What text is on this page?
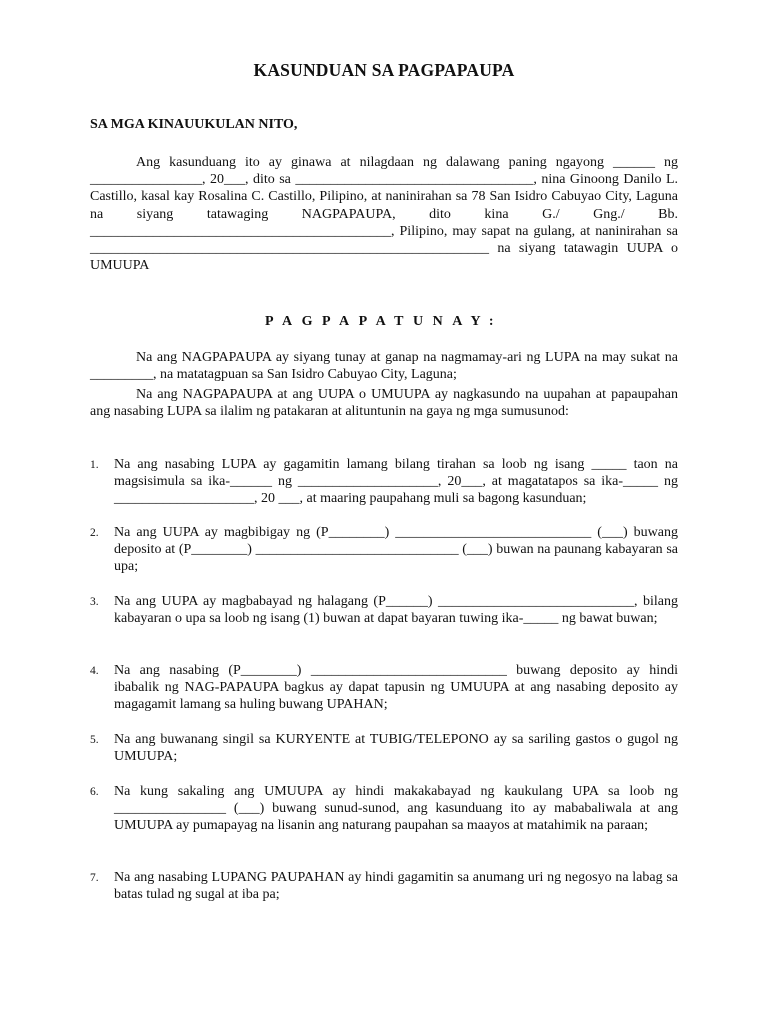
KASUNDUAN SA PAGPAPAUPA
SA MGA KINAUUKULAN NITO,
Ang kasunduang ito ay ginawa at nilagdaan ng dalawang paning ngayong ______ ng ________________, 20___, dito sa __________________________________, nina Ginoong Danilo L. Castillo, kasal kay Rosalina C. Castillo, Pilipino, at naninirahan sa 78 San Isidro Cabuyao City, Laguna na siyang tatawaging NAGPAPAUPA, dito kina G./ Gng./ Bb. ___________________________________________, Pilipino, may sapat na gulang, at naninirahan sa _________________________________________________________ na siyang tatawagin UUPA o UMUUPA
PAGPAPATUNAY:
Na ang NAGPAPAUPA ay siyang tunay at ganap na nagmamay-ari ng LUPA na may sukat na _________, na matatagpuan sa San Isidro Cabuyao City, Laguna;
Na ang NAGPAPAUPA at ang UUPA o UMUUPA ay nagkasundo na uupahan at papaupahan ang nasabing LUPA sa ilalim ng patakaran at alituntunin na gaya ng mga sumusunod:
1. Na ang nasabing LUPA ay gagamitin lamang bilang tirahan sa loob ng isang _____ taon na magsisimula sa ika-______ ng ____________________, 20___, at magatatapos sa ika-_____ ng ____________________, 20 ___, at maaring paupahang muli sa bagong kasunduan;
2. Na ang UUPA ay magbibigay ng (P________) ____________________________ (___) buwang deposito at (P________) _____________________________ (___) buwan na paunang kabayaran sa upa;
3. Na ang UUPA ay magbabayad ng halagang (P______) ____________________________, bilang kabayaran o upa sa loob ng isang (1) buwan at dapat bayaran tuwing ika-_____ ng bawat buwan;
4. Na ang nasabing (P________) ____________________________ buwang deposito ay hindi ibabalik ng NAG-PAPAUPA bagkus ay dapat tapusin ng UMUUPA at ang nasabing deposito ay magagamit lamang sa huling buwang UPAHAN;
5. Na ang buwanang singil sa KURYENTE at TUBIG/TELEPONO ay sa sariling gastos o gugol ng UMUUPA;
6. Na kung sakaling ang UMUUPA ay hindi makakabayad ng kaukulang UPA sa loob ng ________________ (___) buwang sunud-sunod, ang kasunduang ito ay mababaliwala at ang UMUUPA ay pumapayag na lisanin ang naturang paupahan sa maayos at matahimik na paraan;
7. Na ang nasabing LUPANG PAUPAHAN ay hindi gagamitin sa anumang uri ng negosyo na labag sa batas tulad ng sugal at iba pa;
